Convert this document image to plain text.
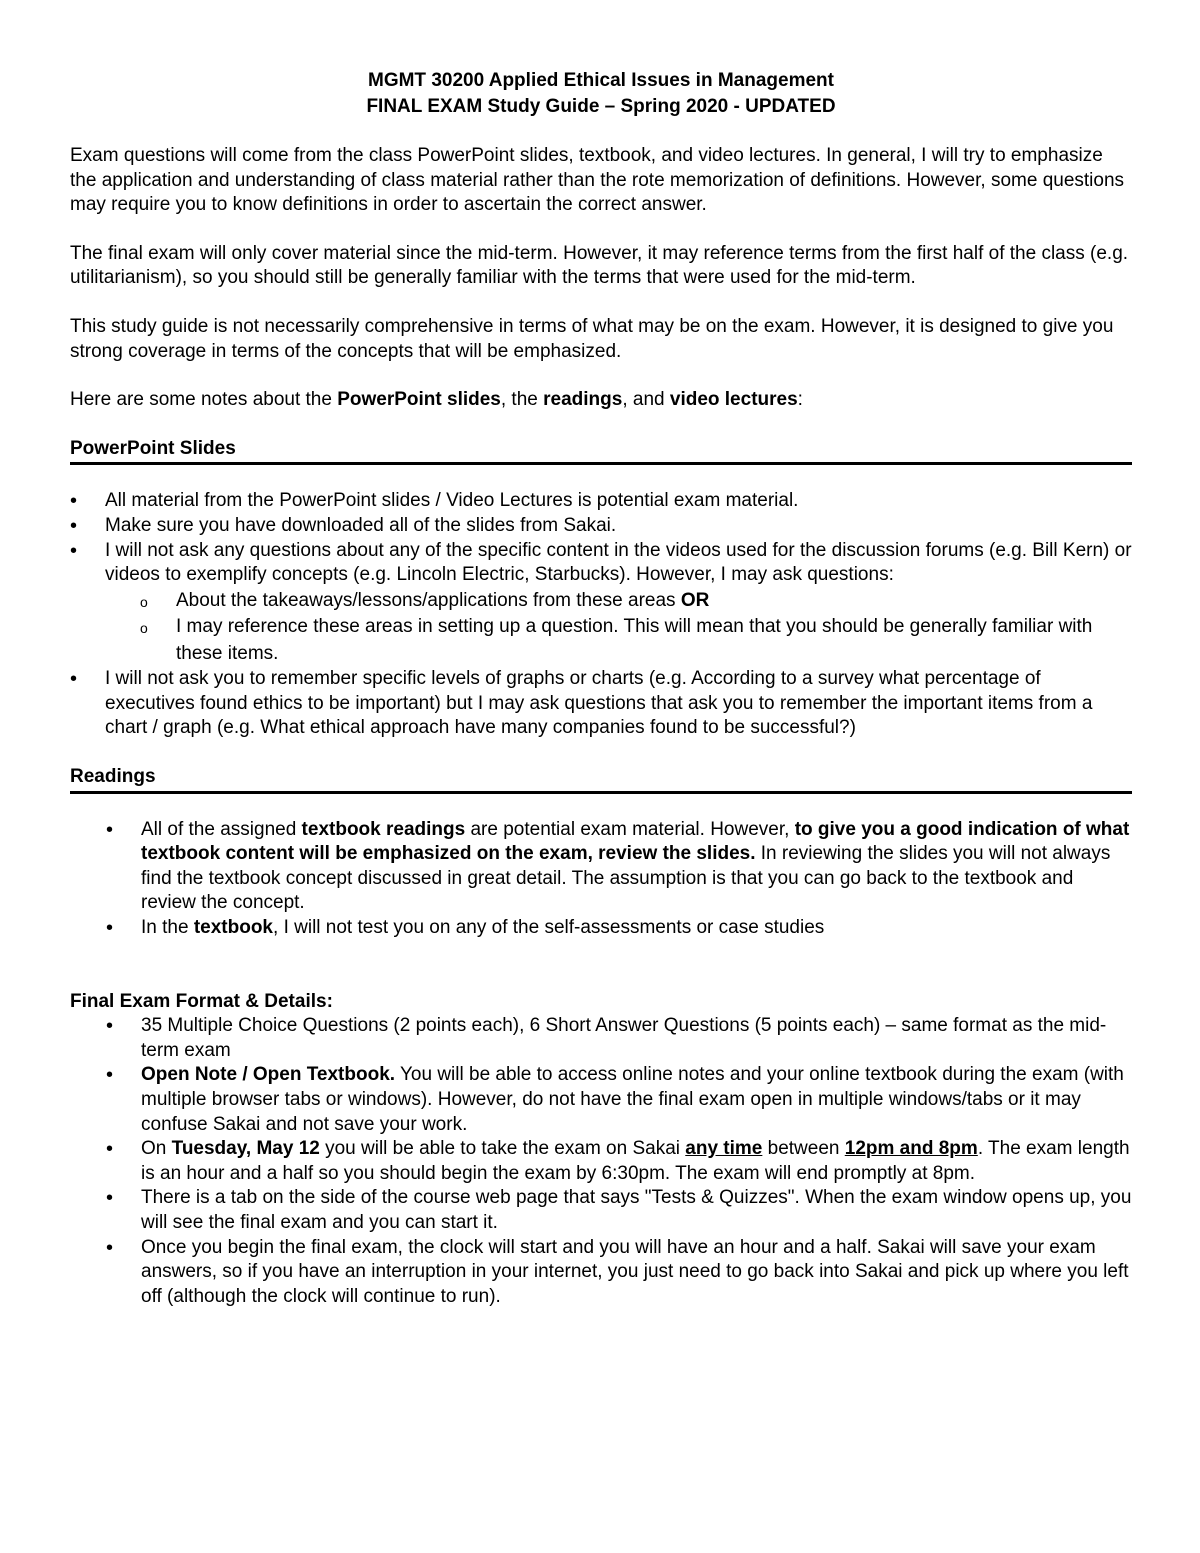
MGMT 30200 Applied Ethical Issues in Management
FINAL EXAM Study Guide – Spring 2020 - UPDATED

Exam questions will come from the class PowerPoint slides, textbook, and video lectures. In general, I will try to emphasize the application and understanding of class material rather than the rote memorization of definitions. However, some questions may require you to know definitions in order to ascertain the correct answer.

The final exam will only cover material since the mid-term. However, it may reference terms from the first half of the class (e.g. utilitarianism), so you should still be generally familiar with the terms that were used for the mid-term.

This study guide is not necessarily comprehensive in terms of what may be on the exam. However, it is designed to give you strong coverage in terms of the concepts that will be emphasized.

Here are some notes about the PowerPoint slides, the readings, and video lectures:

PowerPoint Slides
• All material from the PowerPoint slides / Video Lectures is potential exam material.
• Make sure you have downloaded all of the slides from Sakai.
• I will not ask any questions about any of the specific content in the videos used for the discussion forums (e.g. Bill Kern) or videos to exemplify concepts (e.g. Lincoln Electric, Starbucks). However, I may ask questions:
o About the takeaways/lessons/applications from these areas OR
o I may reference these areas in setting up a question. This will mean that you should be generally familiar with these items.
• I will not ask you to remember specific levels of graphs or charts (e.g. According to a survey what percentage of executives found ethics to be important) but I may ask questions that ask you to remember the important items from a chart / graph (e.g. What ethical approach have many companies found to be successful?)
Readings
• All of the assigned textbook readings are potential exam material. However, to give you a good indication of what textbook content will be emphasized on the exam, review the slides. In reviewing the slides you will not always find the textbook concept discussed in great detail. The assumption is that you can go back to the textbook and review the concept.
• In the textbook, I will not test you on any of the self-assessments or case studies
Final Exam Format & Details:
• 35 Multiple Choice Questions (2 points each), 6 Short Answer Questions (5 points each) – same format as the mid-term exam
• Open Note / Open Textbook. You will be able to access online notes and your online textbook during the exam (with multiple browser tabs or windows). However, do not have the final exam open in multiple windows/tabs or it may confuse Sakai and not save your work.
• On Tuesday, May 12 you will be able to take the exam on Sakai any time between 12pm and 8pm. The exam length is an hour and a half so you should begin the exam by 6:30pm. The exam will end promptly at 8pm.
• There is a tab on the side of the course web page that says "Tests & Quizzes". When the exam window opens up, you will see the final exam and you can start it.
• Once you begin the final exam, the clock will start and you will have an hour and a half. Sakai will save your exam answers, so if you have an interruption in your internet, you just need to go back into Sakai and pick up where you left off (although the clock will continue to run).
